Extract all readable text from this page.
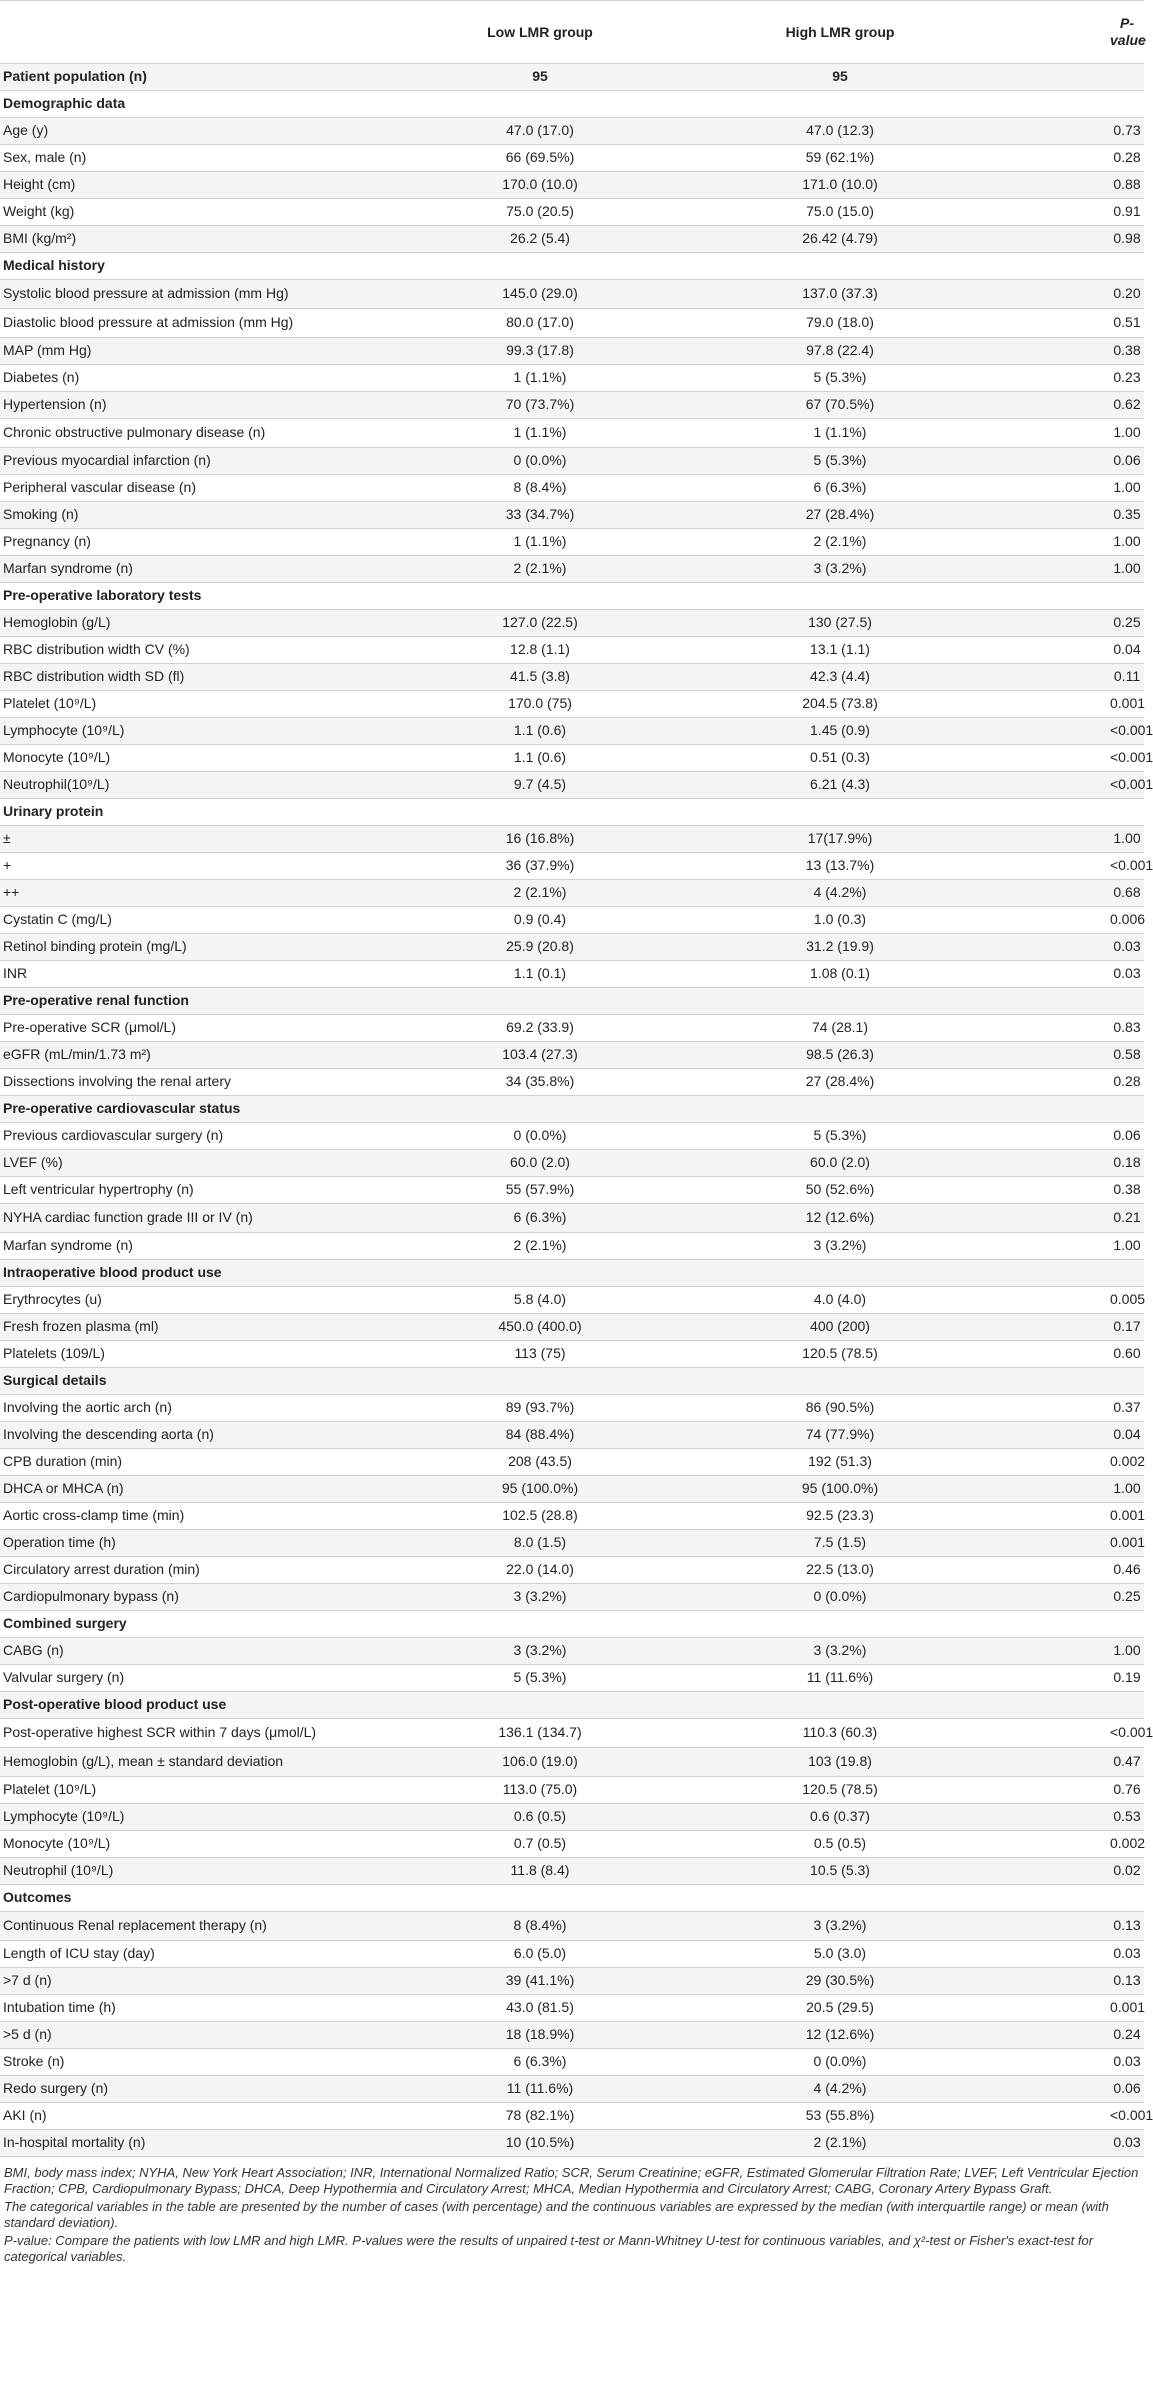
	Low LMR group	High LMR group	P-value
Patient population (n)	95	95	
Demographic data			
Age (y)	47.0 (17.0)	47.0 (12.3)	0.73
Sex, male (n)	66 (69.5%)	59 (62.1%)	0.28
Height (cm)	170.0 (10.0)	171.0 (10.0)	0.88
Weight (kg)	75.0 (20.5)	75.0 (15.0)	0.91
BMI (kg/m²)	26.2 (5.4)	26.42 (4.79)	0.98
Medical history			
Systolic blood pressure at admission (mm Hg)	145.0 (29.0)	137.0 (37.3)	0.20
Diastolic blood pressure at admission (mm Hg)	80.0 (17.0)	79.0 (18.0)	0.51
MAP (mm Hg)	99.3 (17.8)	97.8 (22.4)	0.38
Diabetes (n)	1 (1.1%)	5 (5.3%)	0.23
Hypertension (n)	70 (73.7%)	67 (70.5%)	0.62
Chronic obstructive pulmonary disease (n)	1 (1.1%)	1 (1.1%)	1.00
Previous myocardial infarction (n)	0 (0.0%)	5 (5.3%)	0.06
Peripheral vascular disease (n)	8 (8.4%)	6 (6.3%)	1.00
Smoking (n)	33 (34.7%)	27 (28.4%)	0.35
Pregnancy (n)	1 (1.1%)	2 (2.1%)	1.00
Marfan syndrome (n)	2 (2.1%)	3 (3.2%)	1.00
Pre-operative laboratory tests			
Hemoglobin (g/L)	127.0 (22.5)	130 (27.5)	0.25
RBC distribution width CV (%)	12.8 (1.1)	13.1 (1.1)	0.04
RBC distribution width SD (fl)	41.5 (3.8)	42.3 (4.4)	0.11
Platelet (10⁹/L)	170.0 (75)	204.5 (73.8)	0.001
Lymphocyte (10⁹/L)	1.1 (0.6)	1.45 (0.9)	<0.001
Monocyte (10⁹/L)	1.1 (0.6)	0.51 (0.3)	<0.001
Neutrophil(10⁹/L)	9.7 (4.5)	6.21 (4.3)	<0.001
Urinary protein			
±	16 (16.8%)	17(17.9%)	1.00
+	36 (37.9%)	13 (13.7%)	<0.001
++	2 (2.1%)	4 (4.2%)	0.68
Cystatin C (mg/L)	0.9 (0.4)	1.0 (0.3)	0.006
Retinol binding protein (mg/L)	25.9 (20.8)	31.2 (19.9)	0.03
INR	1.1 (0.1)	1.08 (0.1)	0.03
Pre-operative renal function			
Pre-operative SCR (μmol/L)	69.2 (33.9)	74 (28.1)	0.83
eGFR (mL/min/1.73 m²)	103.4 (27.3)	98.5 (26.3)	0.58
Dissections involving the renal artery	34 (35.8%)	27 (28.4%)	0.28
Pre-operative cardiovascular status			
Previous cardiovascular surgery (n)	0 (0.0%)	5 (5.3%)	0.06
LVEF (%)	60.0 (2.0)	60.0 (2.0)	0.18
Left ventricular hypertrophy (n)	55 (57.9%)	50 (52.6%)	0.38
NYHA cardiac function grade III or IV (n)	6 (6.3%)	12 (12.6%)	0.21
Marfan syndrome (n)	2 (2.1%)	3 (3.2%)	1.00
Intraoperative blood product use			
Erythrocytes (u)	5.8 (4.0)	4.0 (4.0)	0.005
Fresh frozen plasma (ml)	450.0 (400.0)	400 (200)	0.17
Platelets (109/L)	113 (75)	120.5 (78.5)	0.60
Surgical details			
Involving the aortic arch (n)	89 (93.7%)	86 (90.5%)	0.37
Involving the descending aorta (n)	84 (88.4%)	74 (77.9%)	0.04
CPB duration (min)	208 (43.5)	192 (51.3)	0.002
DHCA or MHCA (n)	95 (100.0%)	95 (100.0%)	1.00
Aortic cross-clamp time (min)	102.5 (28.8)	92.5 (23.3)	0.001
Operation time (h)	8.0 (1.5)	7.5 (1.5)	0.001
Circulatory arrest duration (min)	22.0 (14.0)	22.5 (13.0)	0.46
Cardiopulmonary bypass (n)	3 (3.2%)	0 (0.0%)	0.25
Combined surgery			
CABG (n)	3 (3.2%)	3 (3.2%)	1.00
Valvular surgery (n)	5 (5.3%)	11 (11.6%)	0.19
Post-operative blood product use			
Post-operative highest SCR within 7 days (μmol/L)	136.1 (134.7)	110.3 (60.3)	<0.001
Hemoglobin (g/L), mean ± standard deviation	106.0 (19.0)	103 (19.8)	0.47
Platelet (10⁹/L)	113.0 (75.0)	120.5 (78.5)	0.76
Lymphocyte (10⁹/L)	0.6 (0.5)	0.6 (0.37)	0.53
Monocyte (10⁹/L)	0.7 (0.5)	0.5 (0.5)	0.002
Neutrophil (10⁹/L)	11.8 (8.4)	10.5 (5.3)	0.02
Outcomes			
Continuous Renal replacement therapy (n)	8 (8.4%)	3 (3.2%)	0.13
Length of ICU stay (day)	6.0 (5.0)	5.0 (3.0)	0.03
>7 d (n)	39 (41.1%)	29 (30.5%)	0.13
Intubation time (h)	43.0 (81.5)	20.5 (29.5)	0.001
>5 d (n)	18 (18.9%)	12 (12.6%)	0.24
Stroke (n)	6 (6.3%)	0 (0.0%)	0.03
Redo surgery (n)	11 (11.6%)	4 (4.2%)	0.06
AKI (n)	78 (82.1%)	53 (55.8%)	<0.001
In-hospital mortality (n)	10 (10.5%)	2 (2.1%)	0.03

BMI, body mass index; NYHA, New York Heart Association; INR, International Normalized Ratio; SCR, Serum Creatinine; eGFR, Estimated Glomerular Filtration Rate; LVEF, Left Ventricular Ejection Fraction; CPB, Cardiopulmonary Bypass; DHCA, Deep Hypothermia and Circulatory Arrest; MHCA, Median Hypothermia and Circulatory Arrest; CABG, Coronary Artery Bypass Graft.

The categorical variables in the table are presented by the number of cases (with percentage) and the continuous variables are expressed by the median (with interquartile range) or mean (with standard deviation).

P-value: Compare the patients with low LMR and high LMR. P-values were the results of unpaired t-test or Mann-Whitney U-test for continuous variables, and χ²-test or Fisher's exact-test for categorical variables.
